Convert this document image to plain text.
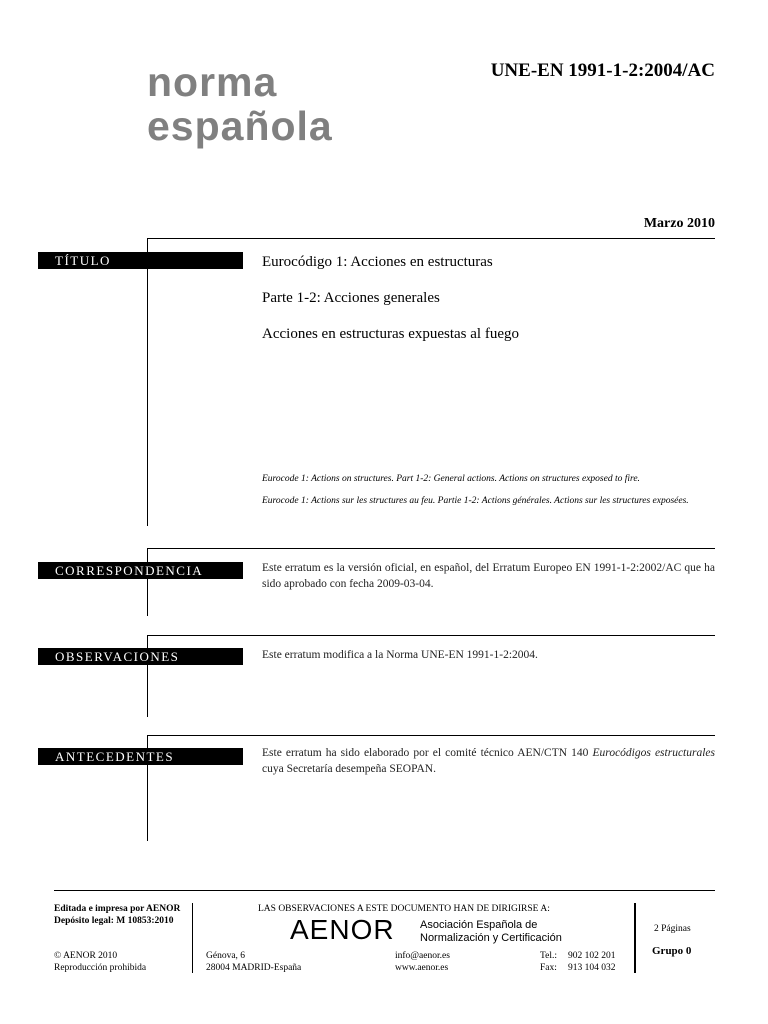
norma
española
UNE-EN 1991-1-2:2004/AC
Marzo 2010
TÍTULO	Eurocódigo 1: Acciones en estructuras
Parte 1-2: Acciones generales
Acciones en estructuras expuestas al fuego
Eurocode 1: Actions on structures. Part 1-2: General actions. Actions on structures exposed to fire.
Eurocode 1: Actions sur les structures au feu. Partie 1-2: Actions générales. Actions sur les structures exposées.
CORRESPONDENCIA	Este erratum es la versión oficial, en español, del Erratum Europeo EN 1991-1-2:2002/AC que ha sido aprobado con fecha 2009-03-04.
OBSERVACIONES	Este erratum modifica a la Norma UNE-EN 1991-1-2:2004.
ANTECEDENTES	Este erratum ha sido elaborado por el comité técnico AEN/CTN 140 Eurocódigos estructurales cuya Secretaría desempeña SEOPAN.
Editada e impresa por AENOR
Depósito legal: M 10853:2010
© AENOR 2010
Reproducción prohibida
LAS OBSERVACIONES A ESTE DOCUMENTO HAN DE DIRIGIRSE A:
AENOR Asociación Española de
Normalización y Certificación
Génova, 6
28004 MADRID-España
info@aenor.es
www.aenor.es
Tel.:
Fax:
902 102 201
913 104 032
2 Páginas
Grupo 0
